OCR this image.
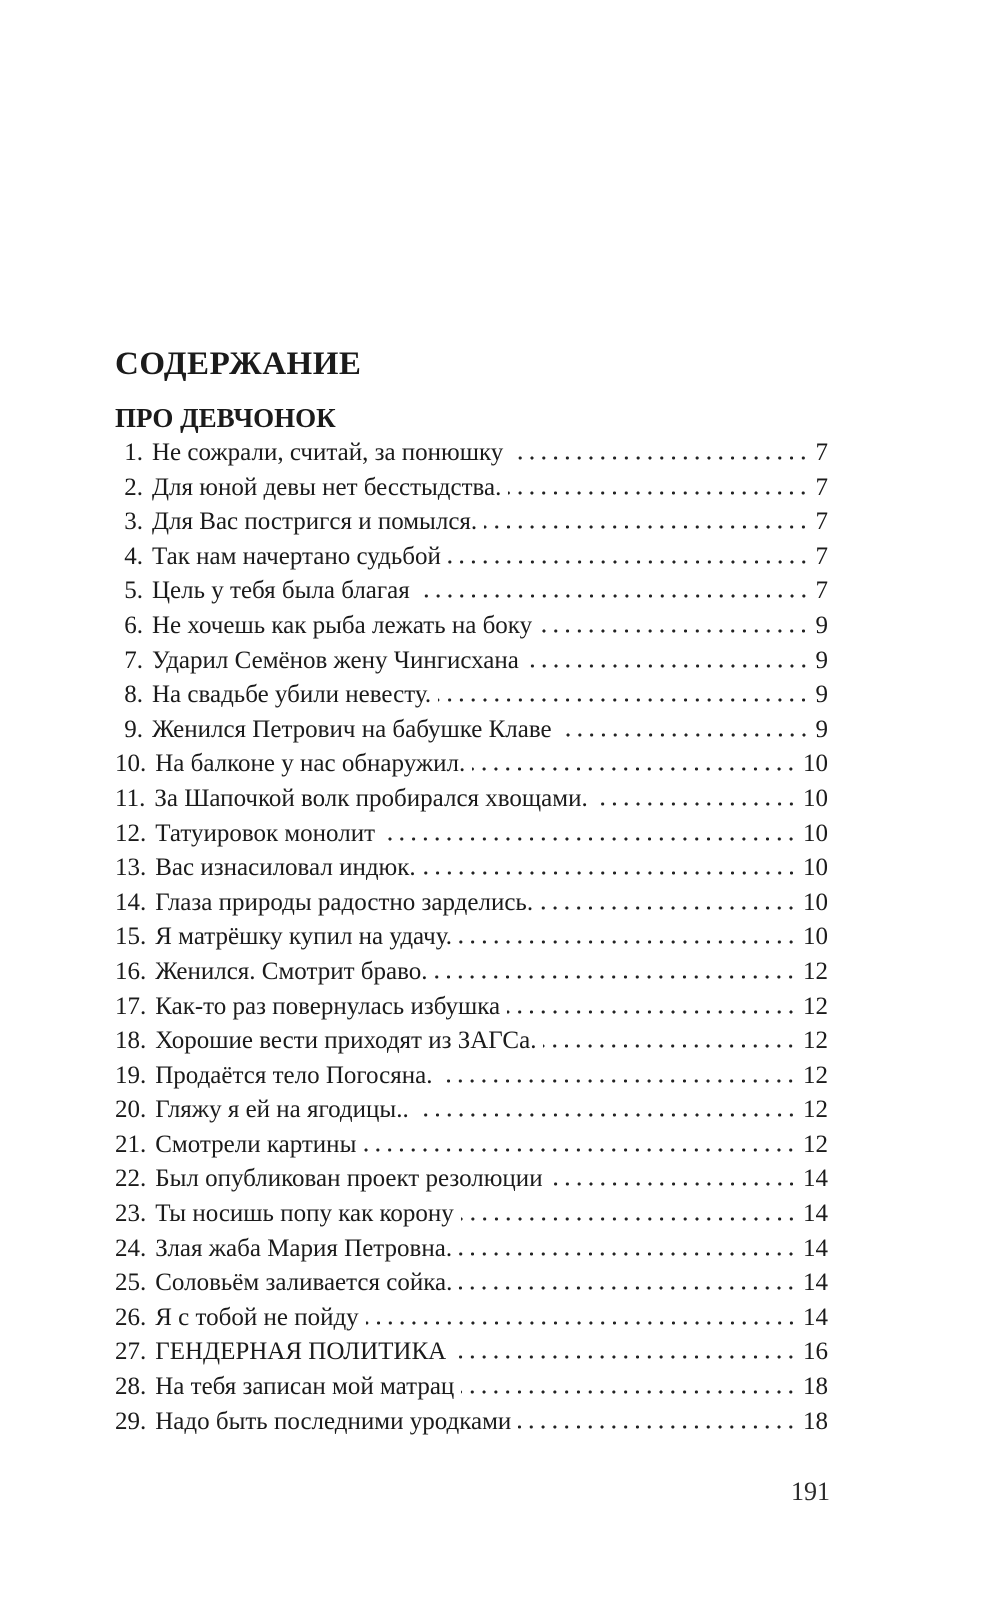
СОДЕРЖАНИЕ
ПРО ДЕВЧОНОК
1. Не сожрали, считай, за понюшку	7
2. Для юной девы нет бесстыдства.	7
3. Для Вас постригся и помылся.	7
4. Так нам начертано судьбой	7
5. Цель у тебя была благая	7
6. Не хочешь как рыба лежать на боку	9
7. Ударил Семёнов жену Чингисхана	9
8. На свадьбе убили невесту.	9
9. Женился Петрович на бабушке Клаве	9
10. На балконе у нас обнаружил.	10
11. За Шапочкой волк пробирался хвощами.	10
12. Татуировок монолит	10
13. Вас изнасиловал индюк.	10
14. Глаза природы радостно зарделись.	10
15. Я матрёшку купил на удачу.	10
16. Женился. Смотрит браво.	12
17. Как-то раз повернулась избушка	12
18. Хорошие вести приходят из ЗАГСа.	12
19. Продаётся тело Погосяна.	12
20. Гляжу я ей на ягодицы..	12
21. Смотрели картины	12
22. Был опубликован проект резолюции	14
23. Ты носишь попу как корону	14
24. Злая жаба Мария Петровна.	14
25. Соловьём заливается сойка.	14
26. Я с тобой не пойду	14
27. ГЕНДЕРНАЯ ПОЛИТИКА	16
28. На тебя записан мой матрац	18
29. Надо быть последними уродками	18
191
